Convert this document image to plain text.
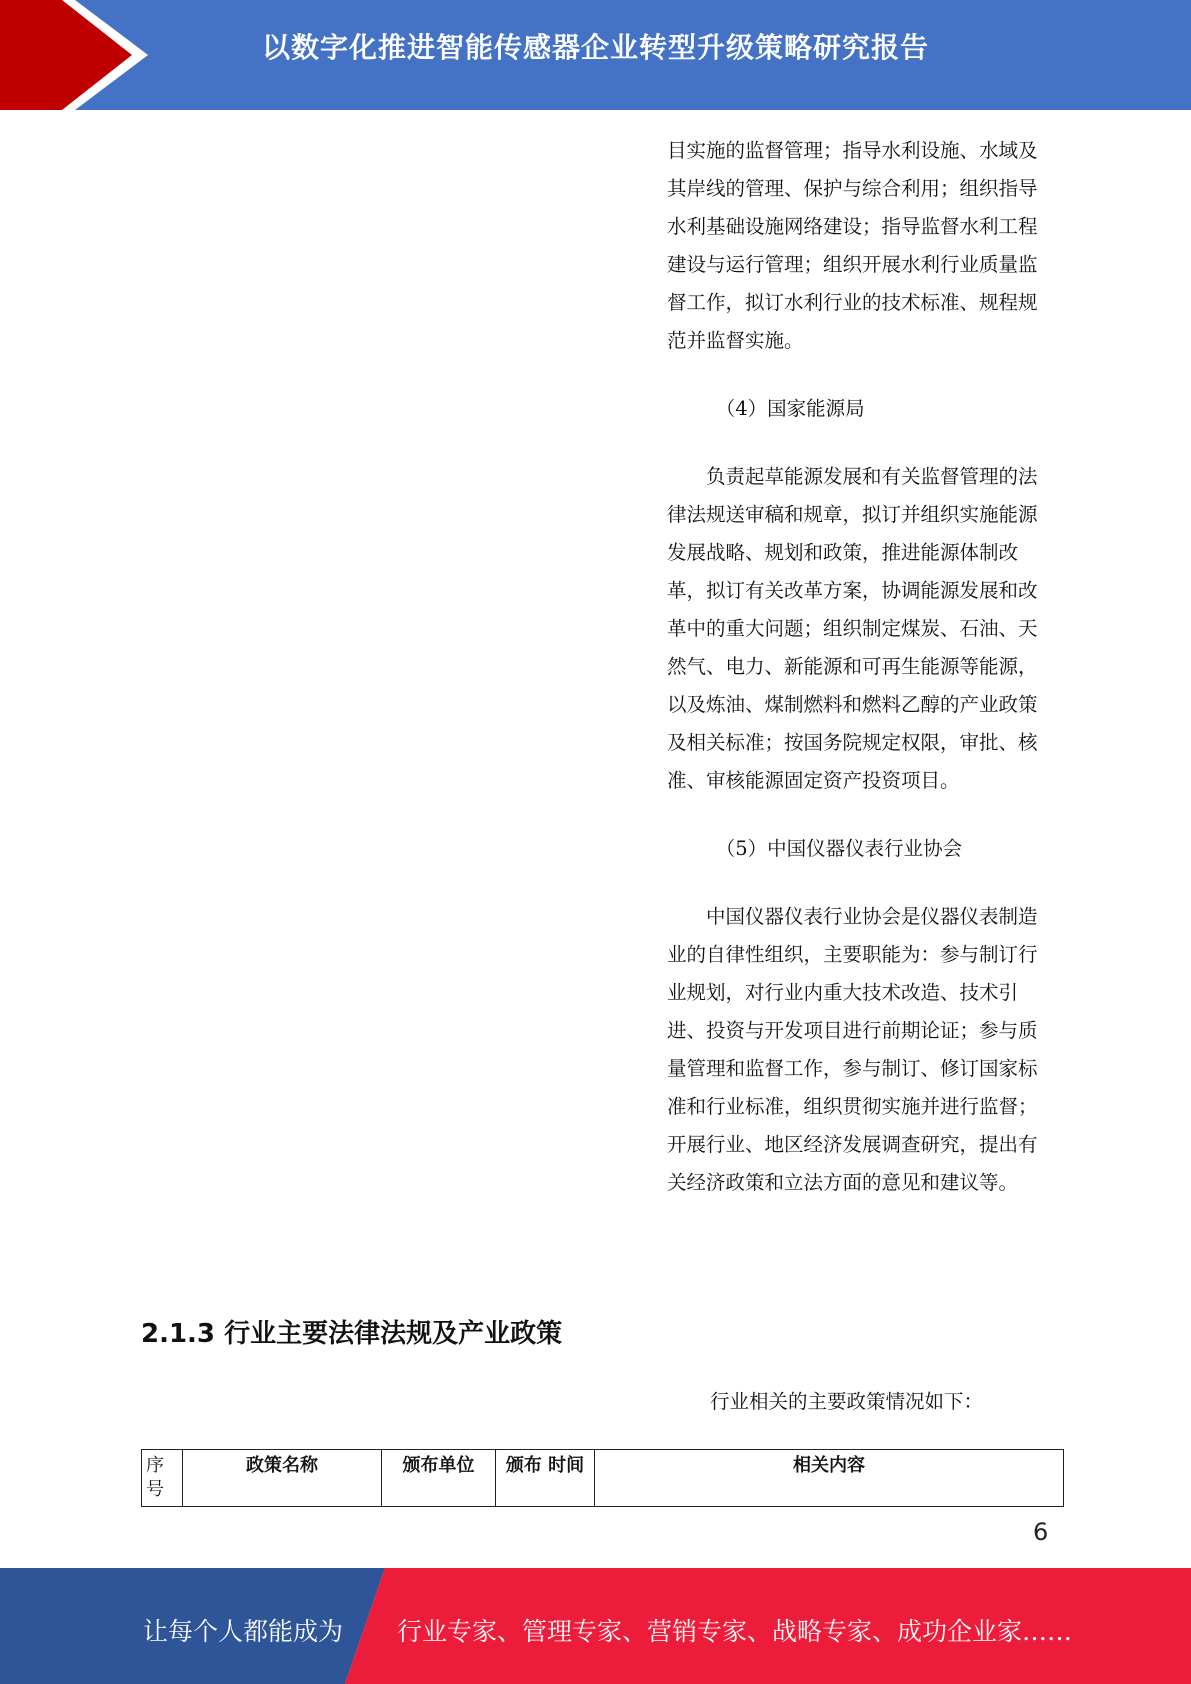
以数字化推进智能传感器企业转型升级策略研究报告

目实施的监督管理；指导水利设施、水域及其岸线的管理、保护与综合利用；组织指导水利基础设施网络建设；指导监督水利工程建设与运行管理；组织开展水利行业质量监督工作，拟订水利行业的技术标准、规程规范并监督实施。

（4）国家能源局

负责起草能源发展和有关监督管理的法律法规送审稿和规章，拟订并组织实施能源发展战略、规划和政策，推进能源体制改革，拟订有关改革方案，协调能源发展和改革中的重大问题；组织制定煤炭、石油、天然气、电力、新能源和可再生能源等能源，以及炼油、煤制燃料和燃料乙醇的产业政策及相关标准；按国务院规定权限，审批、核准、审核能源固定资产投资项目。

（5）中国仪器仪表行业协会

中国仪器仪表行业协会是仪器仪表制造业的自律性组织，主要职能为：参与制订行业规划，对行业内重大技术改造、技术引进、投资与开发项目进行前期论证；参与质量管理和监督工作，参与制订、修订国家标准和行业标准，组织贯彻实施并进行监督；开展行业、地区经济发展调查研究，提出有关经济政策和立法方面的意见和建议等。

2.1.3 行业主要法律法规及产业政策
行业相关的主要政策情况如下：
序号	政策名称	颁布单位	颁布 时间	相关内容
6
让每个人都能成为 行业专家、管理专家、营销专家、战略专家、成功企业家……
